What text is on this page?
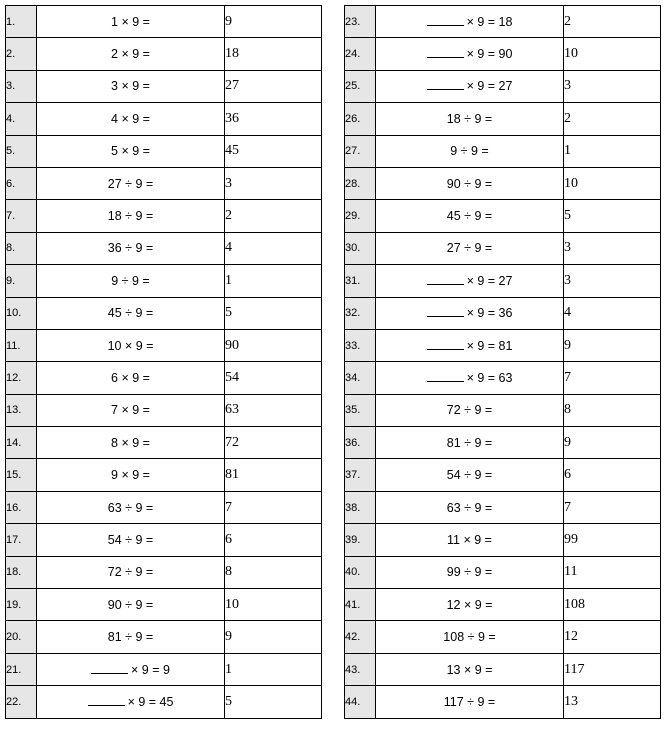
1.	1 × 9 =	9
2.	2 × 9 =	18
3.	3 × 9 =	27
4.	4 × 9 =	36
5.	5 × 9 =	45
6.	27 ÷ 9 =	3
7.	18 ÷ 9 =	2
8.	36 ÷ 9 =	4
9.	9 ÷ 9 =	1
10.	45 ÷ 9 =	5
11.	10 × 9 =	90
12.	6 × 9 =	54
13.	7 × 9 =	63
14.	8 × 9 =	72
15.	9 × 9 =	81
16.	63 ÷ 9 =	7
17.	54 ÷ 9 =	6
18.	72 ÷ 9 =	8
19.	90 ÷ 9 =	10
20.	81 ÷ 9 =	9
21.	× 9 = 9	1
22.	× 9 = 45	5
23.	× 9 = 18	2
24.	× 9 = 90	10
25.	× 9 = 27	3
26.	18 ÷ 9 =	2
27.	9 ÷ 9 =	1
28.	90 ÷ 9 =	10
29.	45 ÷ 9 =	5
30.	27 ÷ 9 =	3
31.	× 9 = 27	3
32.	× 9 = 36	4
33.	× 9 = 81	9
34.	× 9 = 63	7
35.	72 ÷ 9 =	8
36.	81 ÷ 9 =	9
37.	54 ÷ 9 =	6
38.	63 ÷ 9 =	7
39.	11 × 9 =	99
40.	99 ÷ 9 =	11
41.	12 × 9 =	108
42.	108 ÷ 9 =	12
43.	13 × 9 =	117
44.	117 ÷ 9 =	13
